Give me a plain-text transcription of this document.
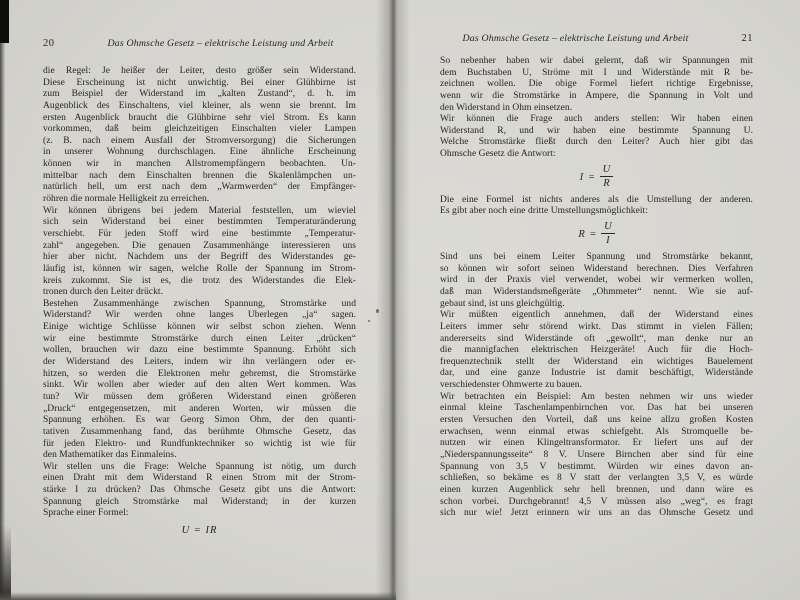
20	Das Ohmsche Gesetz – elektrische Leistung und Arbeit
die Regel: Je heißer der Leiter, desto größer sein Widerstand.
Diese Erscheinung ist nicht unwichtig. Bei einer Glühbirne ist
zum Beispiel der Widerstand im „kalten Zustand“, d. h. im
Augenblick des Einschaltens, viel kleiner, als wenn sie brennt. Im
ersten Augenblick braucht die Glühbirne sehr viel Strom. Es kann
vorkommen, daß beim gleichzeitigen Einschalten vieler Lampen
(z. B. nach einem Ausfall der Stromversorgung) die Sicherungen
in unserer Wohnung durchschlagen. Eine ähnliche Erscheinung
können wir in manchen Allstromempfängern beobachten. Un-
mittelbar nach dem Einschalten brennen die Skalenlämpchen un-
natürlich hell, um erst nach dem „Warmwerden“ der Empfänger-
röhren die normale Helligkeit zu erreichen.
Wir können übrigens bei jedem Material feststellen, um wieviel
sich sein Widerstand bei einer bestimmten Temperaturänderung
verschiebt. Für jeden Stoff wird eine bestimmte „Temperatur-
zahl“ angegeben. Die genauen Zusammenhänge interessieren uns
hier aber nicht. Nachdem uns der Begriff des Widerstandes ge-
läufig ist, können wir sagen, welche Rolle der Spannung im Strom-
kreis zukommt. Sie ist es, die trotz des Widerstandes die Elek-
tronen durch den Leiter drückt.
Bestehen Zusammenhänge zwischen Spannung, Stromstärke und
Widerstand? Wir werden ohne langes Überlegen „ja“ sagen.
Einige wichtige Schlüsse können wir selbst schon ziehen. Wenn
wir eine bestimmte Stromstärke durch einen Leiter „drücken“
wollen, brauchen wir dazu eine bestimmte Spannung. Erhöht sich
der Widerstand des Leiters, indem wir ihn verlängern oder er-
hitzen, so werden die Elektronen mehr gebremst, die Stromstärke
sinkt. Wir wollen aber wieder auf den alten Wert kommen. Was
tun? Wir müssen dem größeren Widerstand einen größeren
„Druck“ entgegensetzen, mit anderen Worten, wir müssen die
Spannung erhöhen. Es war Georg Simon Ohm, der den quanti-
tativen Zusammenhang fand, das berühmte Ohmsche Gesetz, das
für jeden Elektro- und Rundfunktechniker so wichtig ist wie für
den Mathematiker das Einmaleins.
Wir stellen uns die Frage: Welche Spannung ist nötig, um durch
einen Draht mit dem Widerstand R einen Strom mit der Strom-
stärke I zu drücken? Das Ohmsche Gesetz gibt uns die Antwort:
Spannung gleich Stromstärke mal Widerstand; in der kurzen
Sprache einer Formel:
U = IR
Das Ohmsche Gesetz – elektrische Leistung und Arbeit	21
So nebenher haben wir dabei gelernt, daß wir Spannungen mit
dem Buchstaben U, Ströme mit I und Widerstände mit R be-
zeichnen wollen. Die obige Formel liefert richtige Ergebnisse,
wenn wir die Stromstärke in Ampere, die Spannung in Volt und
den Widerstand in Ohm einsetzen.
Wir können die Frage auch anders stellen: Wir haben einen
Widerstand R, und wir haben eine bestimmte Spannung U.
Welche Stromstärke fließt durch den Leiter? Auch hier gibt das
Ohmsche Gesetz die Antwort:
$I = \frac{U}{R}$
Die eine Formel ist nichts anderes als die Umstellung der anderen.
Es gibt aber noch eine dritte Umstellungsmöglichkeit:
$R = \frac{U}{I}$
Sind uns bei einem Leiter Spannung und Stromstärke bekannt,
so können wir sofort seinen Widerstand berechnen. Dies Verfahren
wird in der Praxis viel verwendet, wobei wir vermerken wollen,
daß man Widerstandsmeßgeräte „Ohmmeter“ nennt. Wie sie auf-
gebaut sind, ist uns gleichgültig.
Wir müßten eigentlich annehmen, daß der Widerstand eines
Leiters immer sehr störend wirkt. Das stimmt in vielen Fällen;
andererseits sind Widerstände oft „gewollt“, man denke nur an
die mannigfachen elektrischen Heizgeräte! Auch für die Hoch-
frequenztechnik stellt der Widerstand ein wichtiges Bauelement
dar, und eine ganze Industrie ist damit beschäftigt, Widerstände
verschiedenster Ohmwerte zu bauen.
Wir betrachten ein Beispiel: Am besten nehmen wir uns wieder
einmal kleine Taschenlampenbirnchen vor. Das hat bei unseren
ersten Versuchen den Vorteil, daß uns keine allzu großen Kosten
erwachsen, wenn einmal etwas schiefgeht. Als Stromquelle be-
nutzen wir einen Klingeltransformator. Er liefert uns auf der
„Niederspannungsseite“ 8 V. Unsere Birnchen aber sind für eine
Spannung von 3,5 V bestimmt. Würden wir eines davon an-
schließen, so bekäme es 8 V statt der verlangten 3,5 V, es würde
einen kurzen Augenblick sehr hell brennen, und dann wäre es
schon vorbei. Durchgebrannt! 4,5 V müssen also „weg“, es fragt
sich nur wie! Jetzt erinnern wir uns an das Ohmsche Gesetz und
